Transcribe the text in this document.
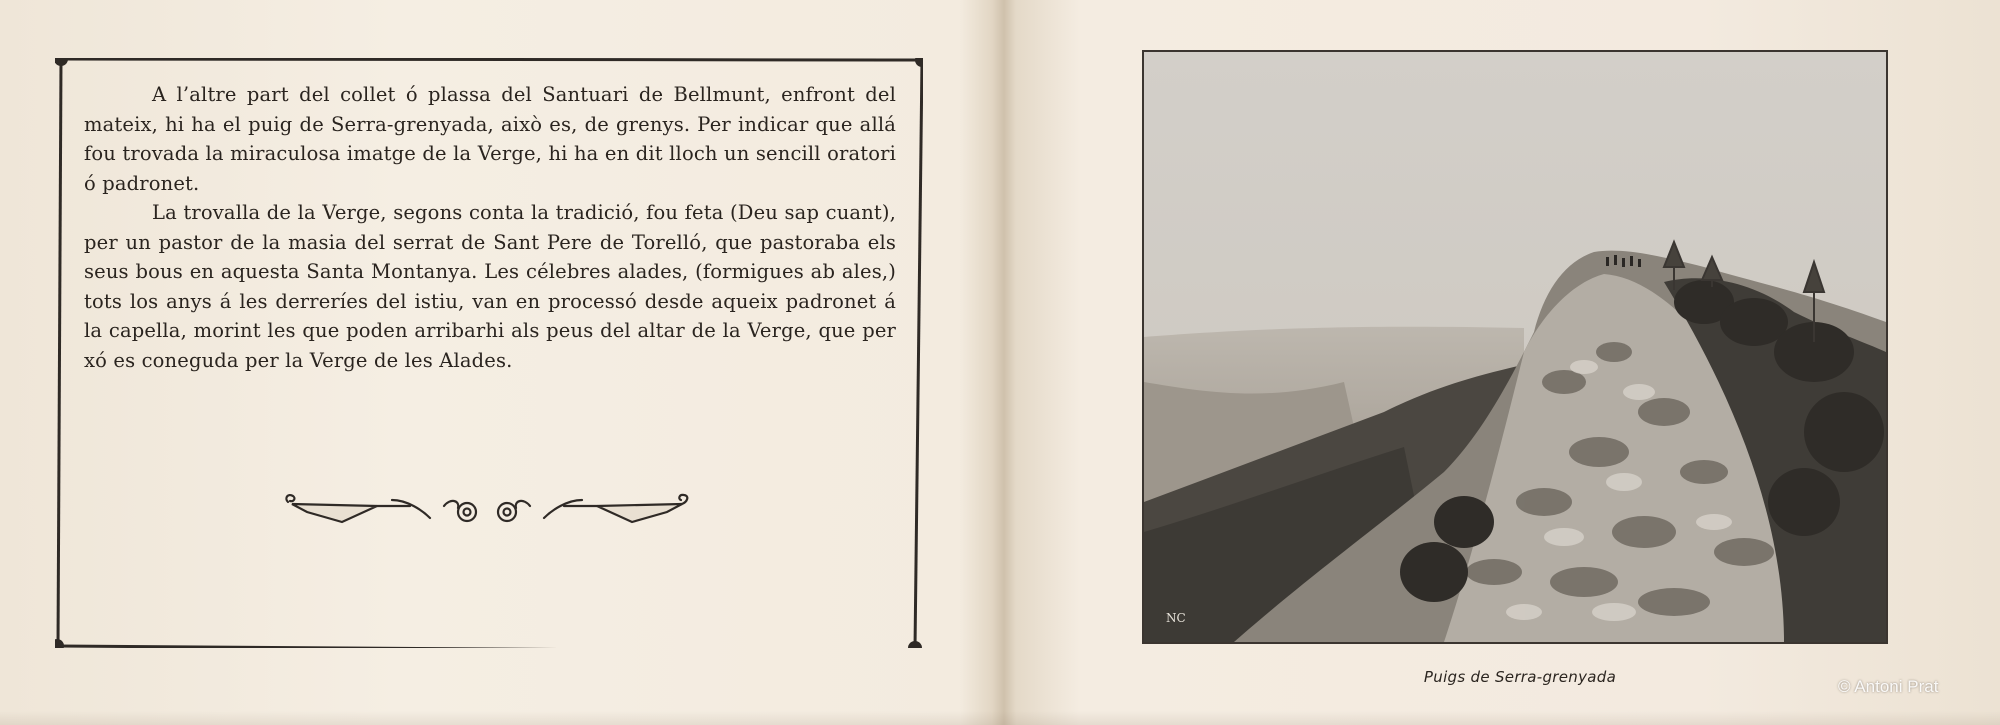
A l’altre part del collet ó plassa del Santuari de Bellmunt, enfront del mateix, hi ha el puig de Serra-grenyada, això es, de grenys. Per indicar que allá fou trovada la miraculosa imatge de la Verge, hi ha en dit lloch un sencill oratori ó padronet.

La trovalla de la Verge, segons conta la tradició, fou feta (Deu sap cuant), per un pastor de la masia del serrat de Sant Pere de Torelló, que pastoraba els seus bous en aquesta Santa Montanya. Les célebres alades, (formigues ab ales,) tots los anys á les derreríes del istiu, van en processó desde aqueix padronet á la capella, morint les que poden arribarhi als peus del altar de la Verge, que per xó es coneguda per la Verge de les Alades.

NC
Puigs de Serra-grenyada	© Antoni Prat
